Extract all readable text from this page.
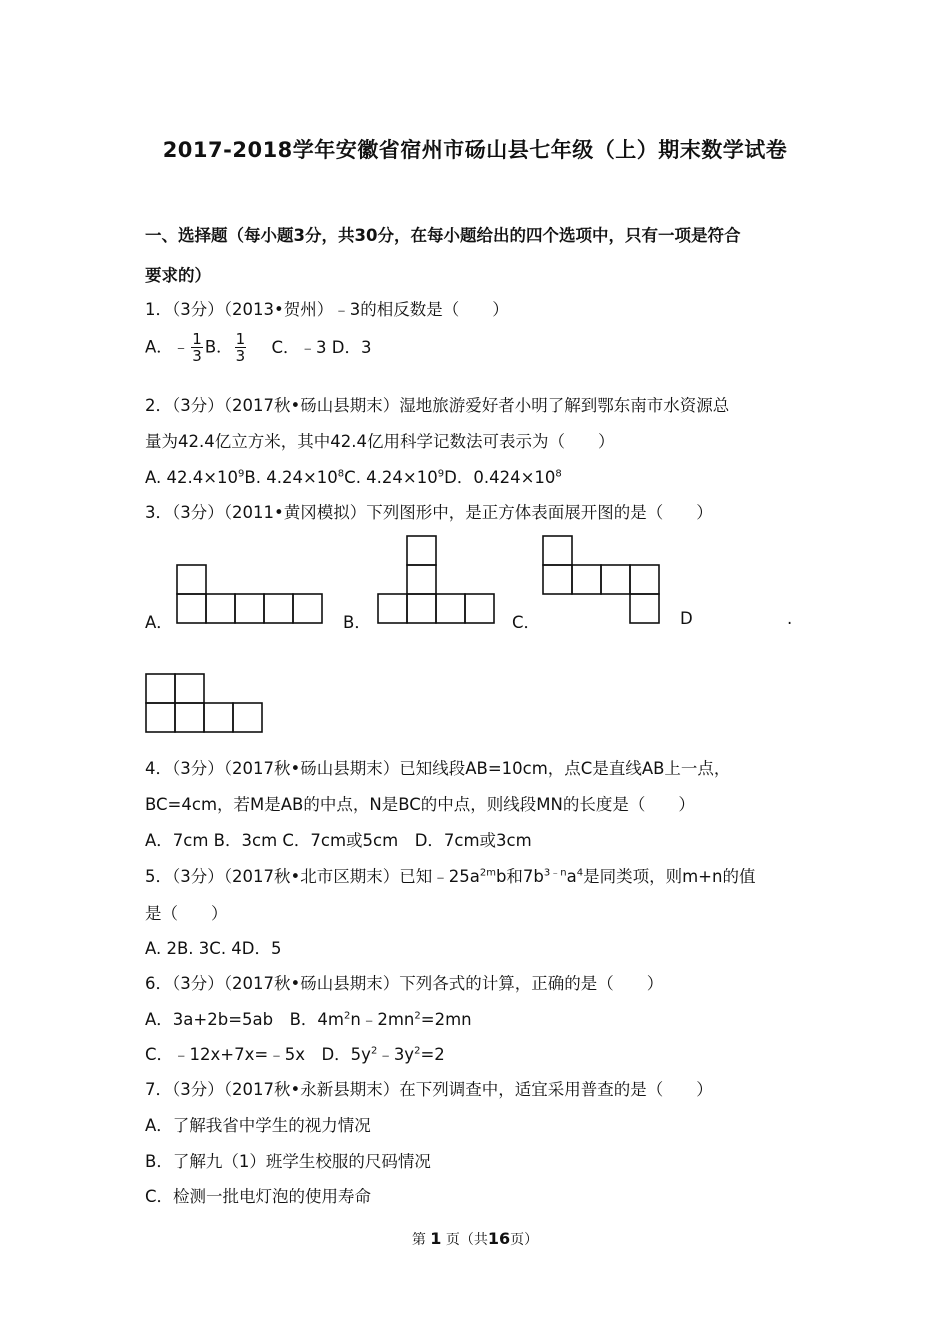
2017-2018学年安徽省宿州市砀山县七年级（上）期末数学试卷
一、选择题（每小题3分，共30分，在每小题给出的四个选项中，只有一项是符合
要求的）
1．（3分）（2013•贺州）﹣3的相反数是（　　）
A．﹣ $\frac{1}{3}$ B． $\frac{1}{3}$ C．﹣3 D．3
2．（3分）（2017秋•砀山县期末）湿地旅游爱好者小明了解到鄂东南市水资源总
量为42.4亿立方米，其中42.4亿用科学记数法可表示为（　　）
A. $42.4\times 10^9B$. $4.24\times 10^8C$. $4.24\times 10^9D$．$0.424\times 10^8$
3．（3分）（2011•黄冈模拟）下列图形中，是正方体表面展开图的是（　　）
A．	B．	C．	D	.
4．（3分）（2017秋•砀山县期末）已知线段AB=10cm，点C是直线AB上一点，
BC=4cm，若M是AB的中点，N是BC的中点，则线段MN的长度是（　　）
A．7cm B．3cm C．7cm或5cm　D．7cm或3cm
5．（3分）（2017秋•北市区期末）已知$﹣25a^{2m}b$和$7b^{3﹣n}a^4$是同类项，则m+n的值
是（　　）
A. 2B. 3C. 4D．5
6．（3分）（2017秋•砀山县期末）下列各式的计算，正确的是（　　）
A．3a+2b=5ab　B．$4m^2n﹣2mn^2=2mn$
C．﹣12x+7x=﹣5x　D．$5y^2﹣3y^2=2$
7．（3分）（2017秋•永新县期末）在下列调查中，适宜采用普查的是（　　）
A．了解我省中学生的视力情况
B．了解九（1）班学生校服的尺码情况
C．检测一批电灯泡的使用寿命
第 1 页（共16页）
